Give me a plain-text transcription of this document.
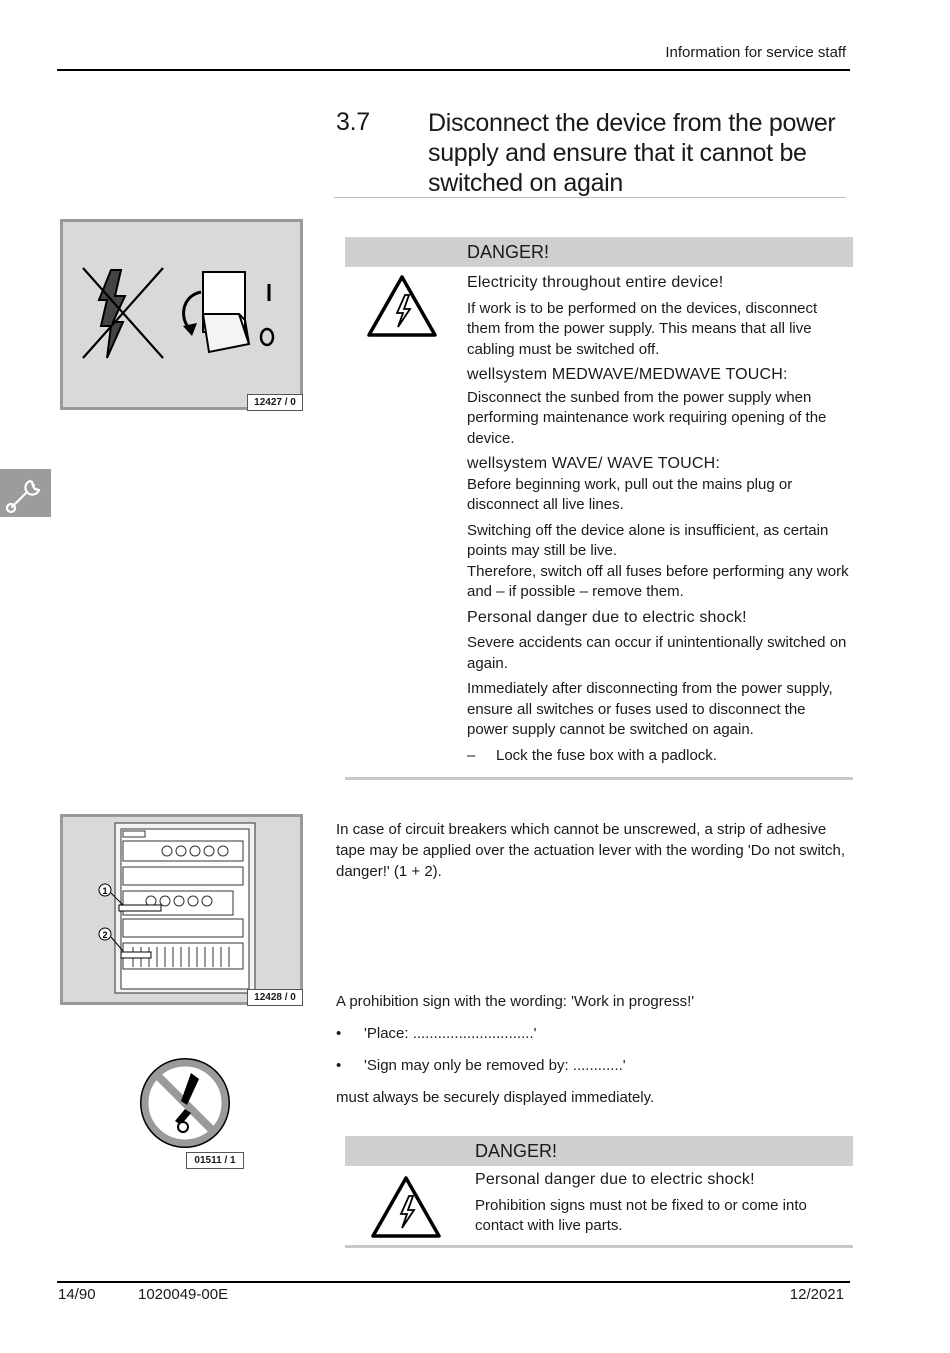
Information for service staff
3.7 Disconnect the device from the power supply and ensure that it cannot be switched on again
12427 / 0
DANGER!

Electricity throughout entire device!

If work is to be performed on the devices, disconnect them from the power supply. This means that all live cabling must be switched off.

wellsystem MEDWAVE/MEDWAVE TOUCH:

Disconnect the sunbed from the power supply when performing maintenance work requiring opening of the device.

wellsystem WAVE/ WAVE TOUCH:

Before beginning work, pull out the mains plug or disconnect all live lines.

Switching off the device alone is insufficient, as certain points may still be live.

Therefore, switch off all fuses before performing any work and – if possible – remove them.

Personal danger due to electric shock!

Severe accidents can occur if unintentionally switched on again.

Immediately after disconnecting from the power supply, ensure all switches or fuses used to disconnect the power supply cannot be switched on again.

– Lock the fuse box with a padlock.

1
2
12428 / 0

In case of circuit breakers which cannot be unscrewed, a strip of adhesive tape may be applied over the actuation lever with the wording 'Do not switch, danger!' (1 + 2).

A prohibition sign with the wording: 'Work in progress!'

• 'Place: .............................'

• 'Sign may only be removed by: ............'

must always be securely displayed immediately.

01511 / 1	DANGER!

Personal danger due to electric shock!

Prohibition signs must not be fixed to or come into contact with live parts.

14/90	1020049-00E	12/2021
